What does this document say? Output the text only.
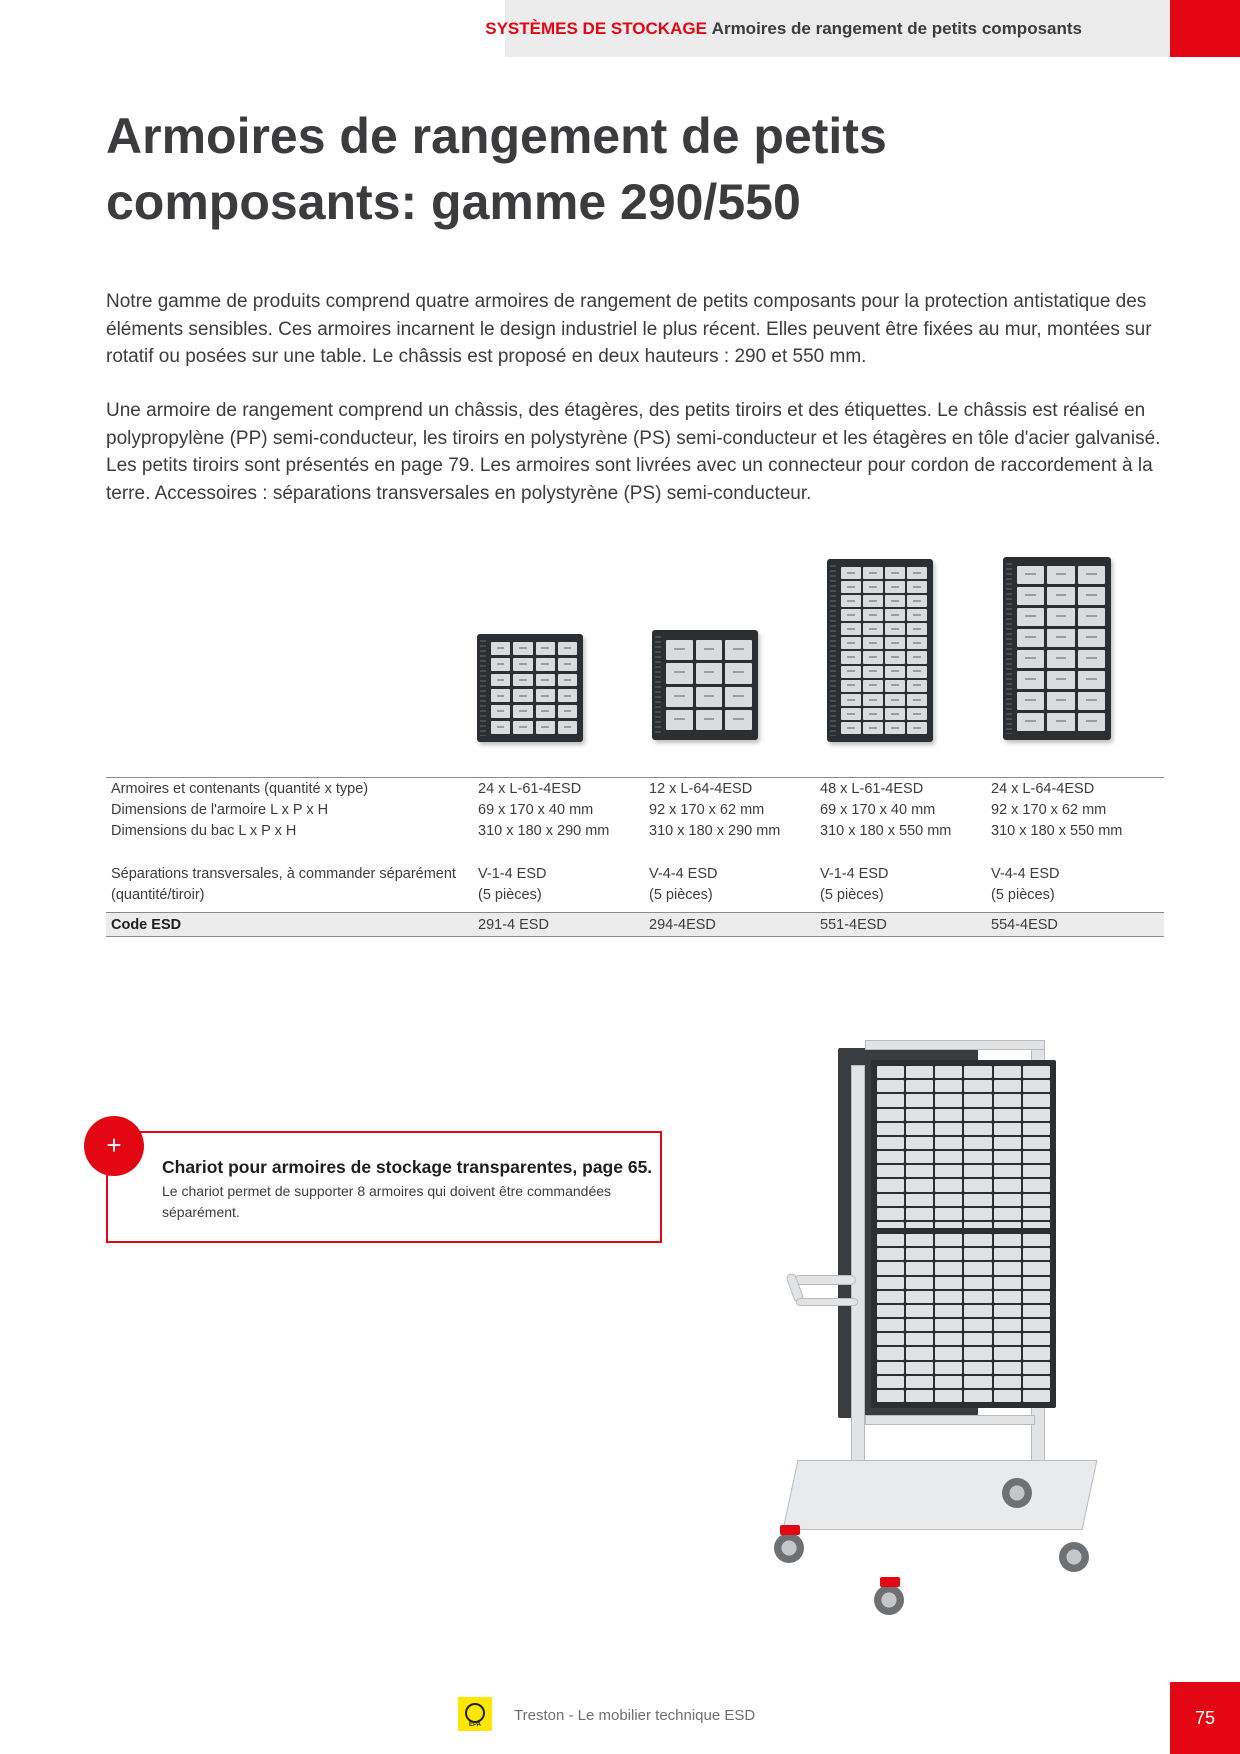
SYSTÈMES DE STOCKAGE Armoires de rangement de petits composants
Armoires de rangement de petits composants: gamme 290/550

Notre gamme de produits comprend quatre armoires de rangement de petits composants pour la protection antistatique des éléments sensibles. Ces armoires incarnent le design industriel le plus récent. Elles peuvent être fixées au mur, montées sur rotatif ou posées sur une table. Le châssis est proposé en deux hauteurs : 290 et 550 mm.

Une armoire de rangement comprend un châssis, des étagères, des petits tiroirs et des étiquettes. Le châssis est réalisé en polypropylène (PP) semi-conducteur, les tiroirs en polystyrène (PS) semi-conducteur et les étagères en tôle d'acier galvanisé. Les petits tiroirs sont présentés en page 79. Les armoires sont livrées avec un connecteur pour cordon de raccordement à la terre. Accessoires : séparations transversales en polystyrène (PS) semi-conducteur.

Armoires et contenants (quantité x type)	24 x L-61-4ESD	12 x L-64-4ESD	48 x L-61-4ESD	24 x L-64-4ESD
Dimensions de l'armoire L x P x H	69 x 170 x 40 mm	92 x 170 x 62 mm	69 x 170 x 40 mm	92 x 170 x 62 mm
Dimensions du bac L x P x H	310 x 180 x 290 mm	310 x 180 x 290 mm	310 x 180 x 550 mm	310 x 180 x 550 mm
Séparations transversales, à commander séparément	V-1-4 ESD	V-4-4 ESD	V-1-4 ESD	V-4-4 ESD
(quantité/tiroir)	(5 pièces)	(5 pièces)	(5 pièces)	(5 pièces)
Code ESD	291-4 ESD	294-4ESD	551-4ESD	554-4ESD
Chariot pour armoires de stockage transparentes, page 65.
Le chariot permet de supporter 8 armoires qui doivent être commandées séparément.
+
EPA
Treston - Le mobilier technique ESD	75
